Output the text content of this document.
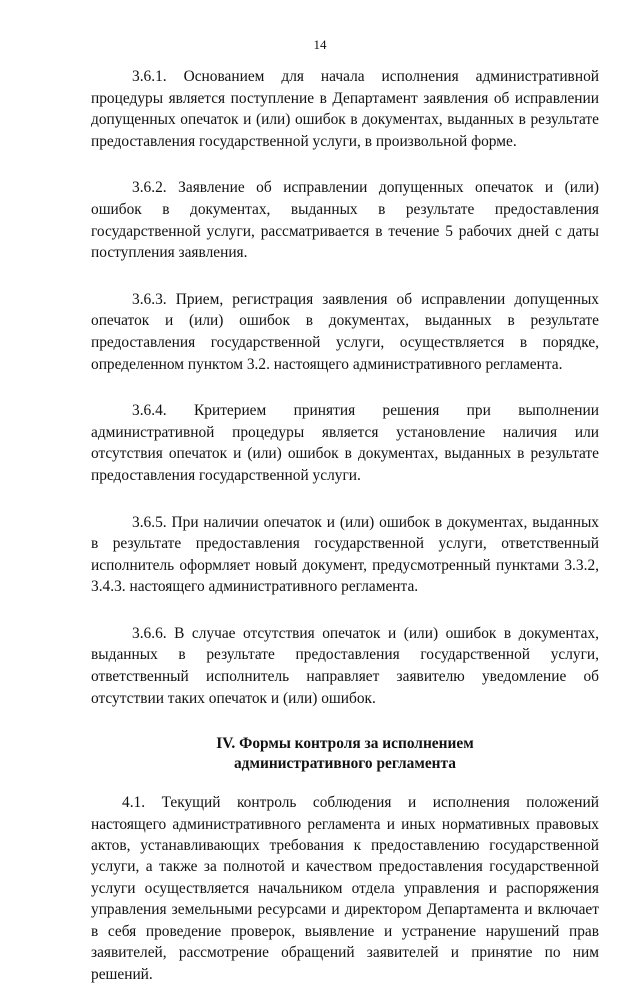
14

3.6.1. Основанием для начала исполнения административной процедуры является поступление в Департамент заявления об исправлении допущенных опечаток и (или) ошибок в документах, выданных в результате предоставления государственной услуги, в произвольной форме.

3.6.2. Заявление об исправлении допущенных опечаток и (или) ошибок в документах, выданных в результате предоставления государственной услуги, рассматривается в течение 5 рабочих дней с даты поступления заявления.

3.6.3. Прием, регистрация заявления об исправлении допущенных опечаток и (или) ошибок в документах, выданных в результате предоставления государственной услуги, осуществляется в порядке, определенном пунктом 3.2. настоящего административного регламента.

3.6.4. Критерием принятия решения при выполнении административной процедуры является установление наличия или отсутствия опечаток и (или) ошибок в документах, выданных в результате предоставления государственной услуги.

3.6.5. При наличии опечаток и (или) ошибок в документах, выданных в результате предоставления государственной услуги, ответственный исполнитель оформляет новый документ, предусмотренный пунктами 3.3.2, 3.4.3. настоящего административного регламента.

3.6.6. В случае отсутствия опечаток и (или) ошибок в документах, выданных в результате предоставления государственной услуги, ответственный исполнитель направляет заявителю уведомление об отсутствии таких опечаток и (или) ошибок.

IV. Формы контроля за исполнением
административного регламента

4.1. Текущий контроль соблюдения и исполнения положений настоящего административного регламента и иных нормативных правовых актов, устанавливающих требования к предоставлению государственной услуги, а также за полнотой и качеством предоставления государственной услуги осуществляется начальником отдела управления и распоряжения управления земельными ресурсами и директором Департамента и включает в себя проведение проверок, выявление и устранение нарушений прав заявителей, рассмотрение обращений заявителей и принятие по ним решений.
